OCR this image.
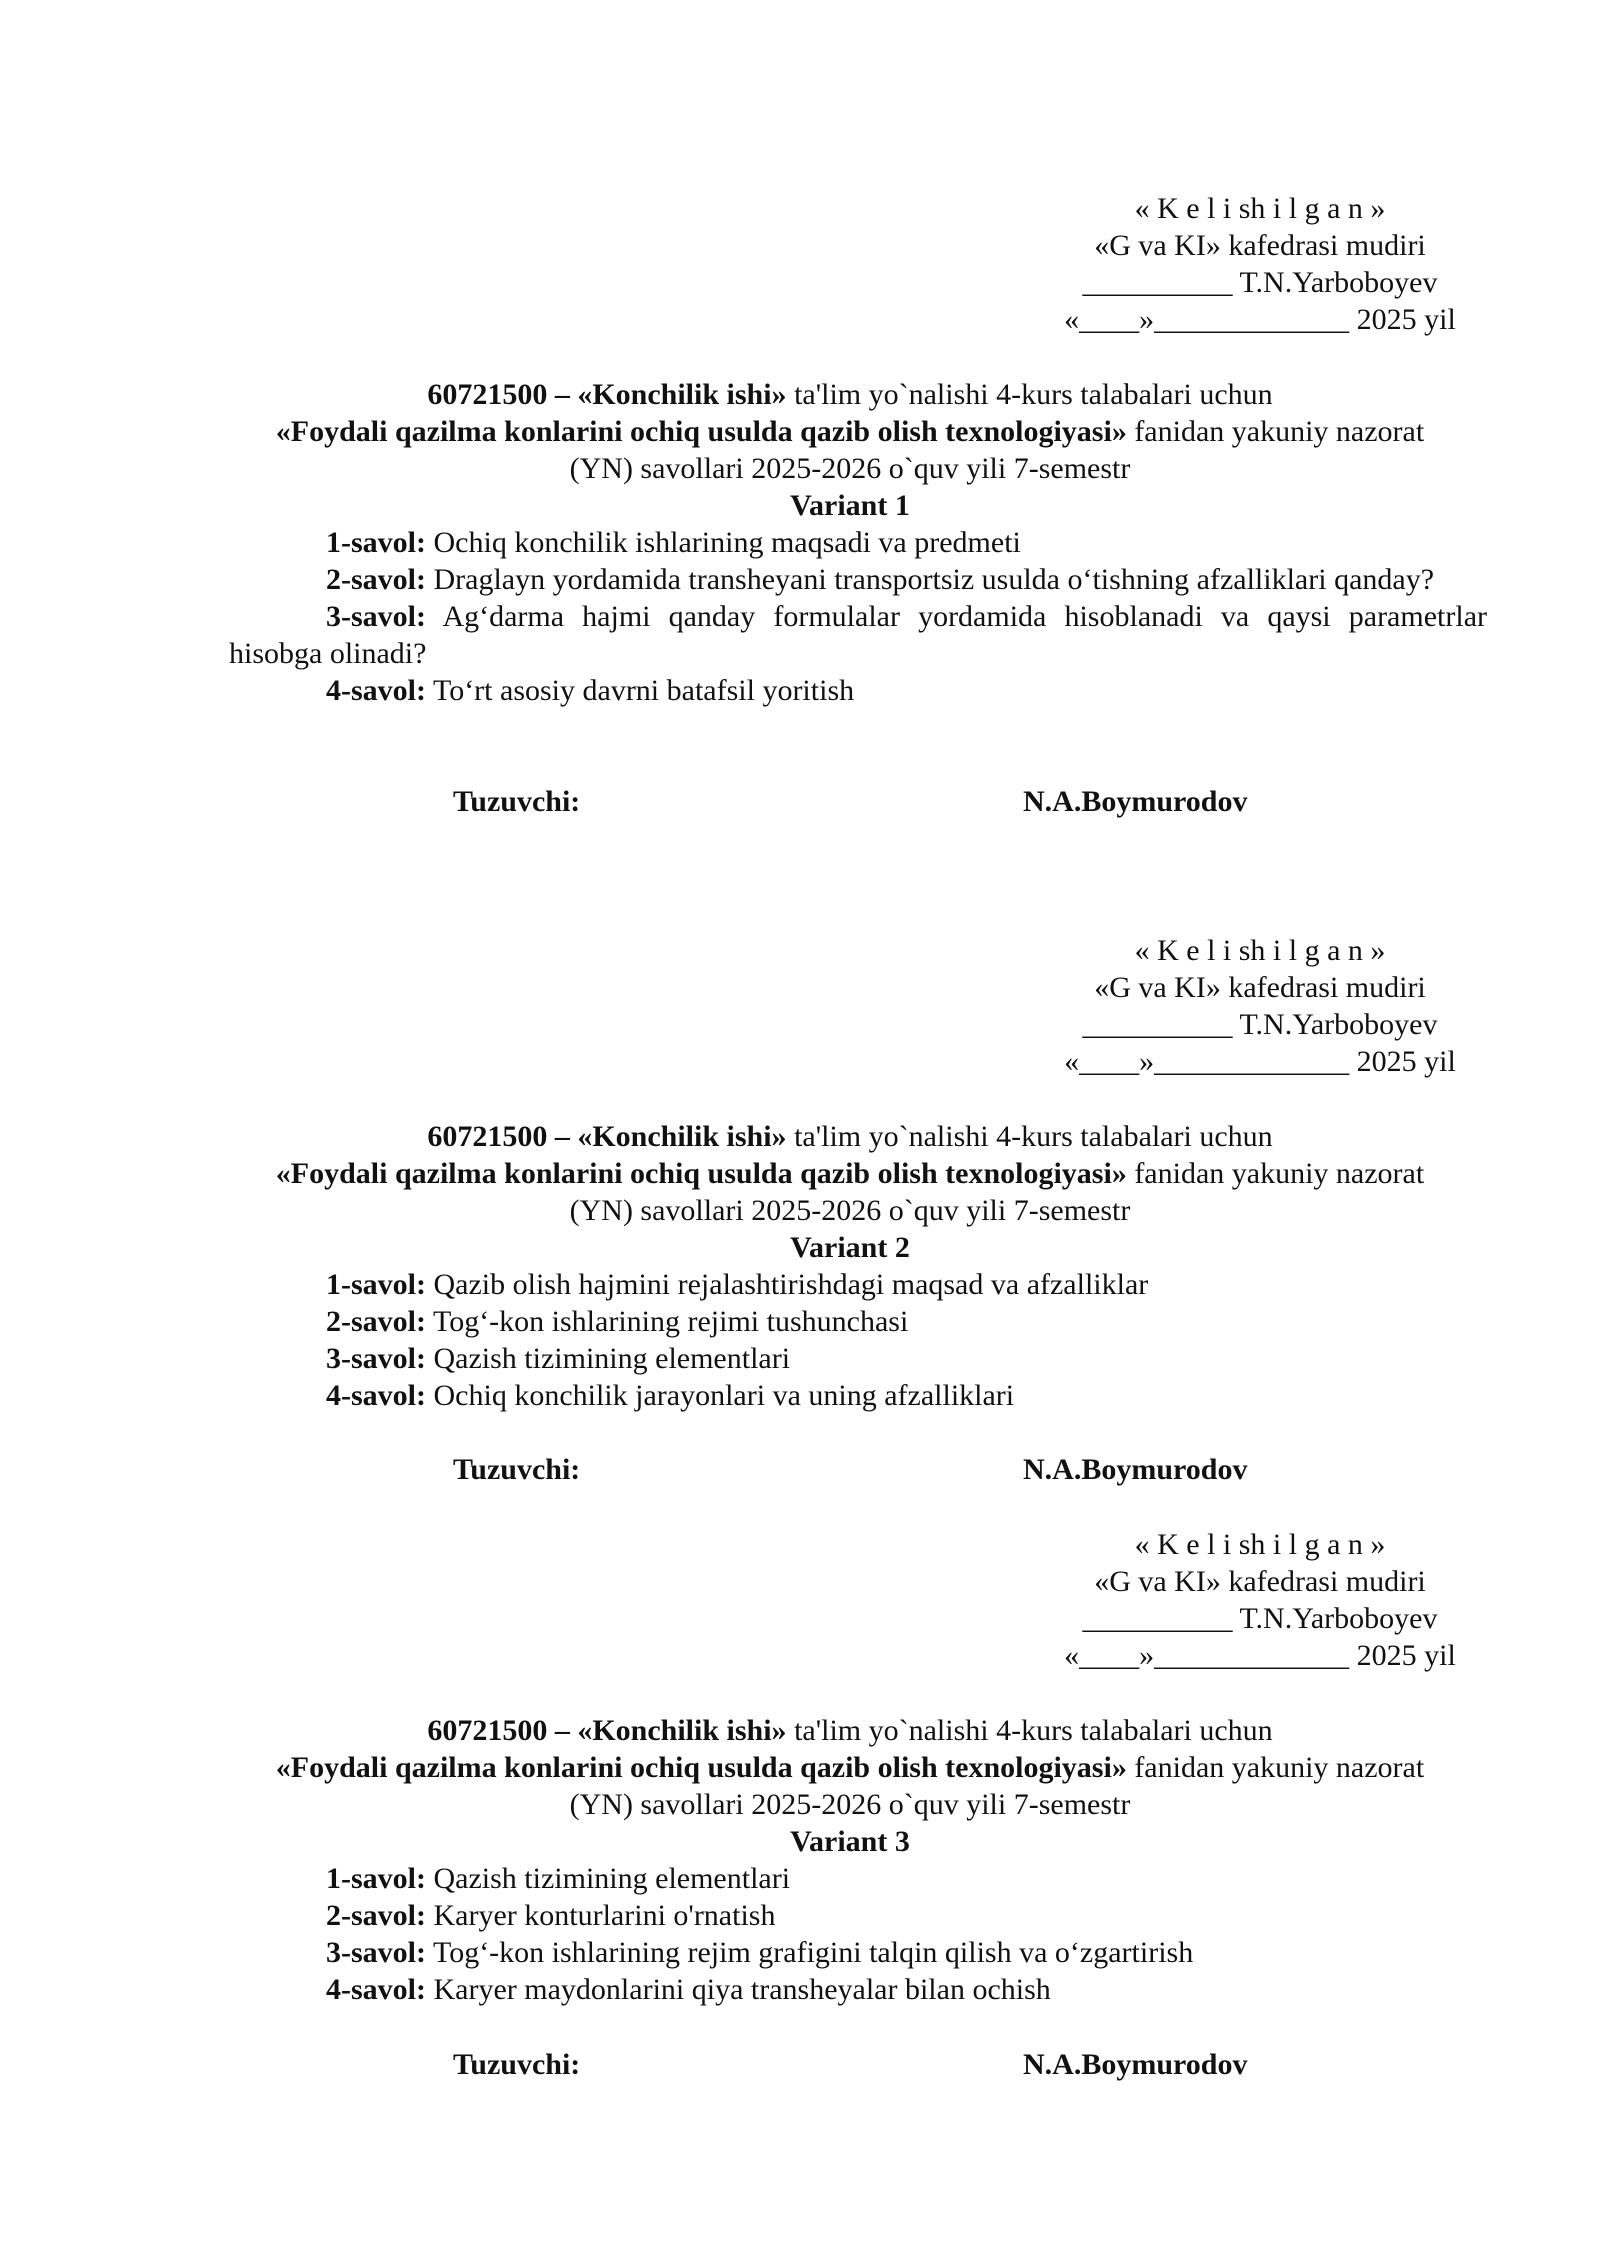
« K e l i sh i l g a n »
«G va KI» kafedrasi mudiri
__________ T.N.Yarboboyev
«____»_____________ 2025 yil
60721500 – «Konchilik ishi» ta'lim yo`nalishi 4-kurs talabalari uchun
«Foydali qazilma konlarini ochiq usulda qazib olish texnologiyasi» fanidan yakuniy nazorat
(YN) savollari 2025-2026 o`quv yili 7-semestr
Variant 1
1-savol: Ochiq konchilik ishlarining maqsadi va predmeti
2-savol: Draglayn yordamida transheyani transportsiz usulda o‘tishning afzalliklari qanday?
3-savol: Ag‘darma hajmi qanday formulalar yordamida hisoblanadi va qaysi parametrlar hisobga olinadi?
4-savol: To‘rt asosiy davrni batafsil yoritish
Tuzuvchi:	N.A.Boymurodov
« K e l i sh i l g a n »
«G va KI» kafedrasi mudiri
__________ T.N.Yarboboyev
«____»_____________ 2025 yil
60721500 – «Konchilik ishi» ta'lim yo`nalishi 4-kurs talabalari uchun
«Foydali qazilma konlarini ochiq usulda qazib olish texnologiyasi» fanidan yakuniy nazorat
(YN) savollari 2025-2026 o`quv yili 7-semestr
Variant 2
1-savol: Qazib olish hajmini rejalashtirishdagi maqsad va afzalliklar
2-savol: Tog‘-kon ishlarining rejimi tushunchasi
3-savol: Qazish tizimining elementlari
4-savol: Ochiq konchilik jarayonlari va uning afzalliklari
Tuzuvchi:	N.A.Boymurodov
« K e l i sh i l g a n »
«G va KI» kafedrasi mudiri
__________ T.N.Yarboboyev
«____»_____________ 2025 yil
60721500 – «Konchilik ishi» ta'lim yo`nalishi 4-kurs talabalari uchun
«Foydali qazilma konlarini ochiq usulda qazib olish texnologiyasi» fanidan yakuniy nazorat
(YN) savollari 2025-2026 o`quv yili 7-semestr
Variant 3
1-savol: Qazish tizimining elementlari
2-savol: Karyer konturlarini o'rnatish
3-savol: Tog‘-kon ishlarining rejim grafigini talqin qilish va o‘zgartirish
4-savol: Karyer maydonlarini qiya transheyalar bilan ochish
Tuzuvchi:	N.A.Boymurodov
